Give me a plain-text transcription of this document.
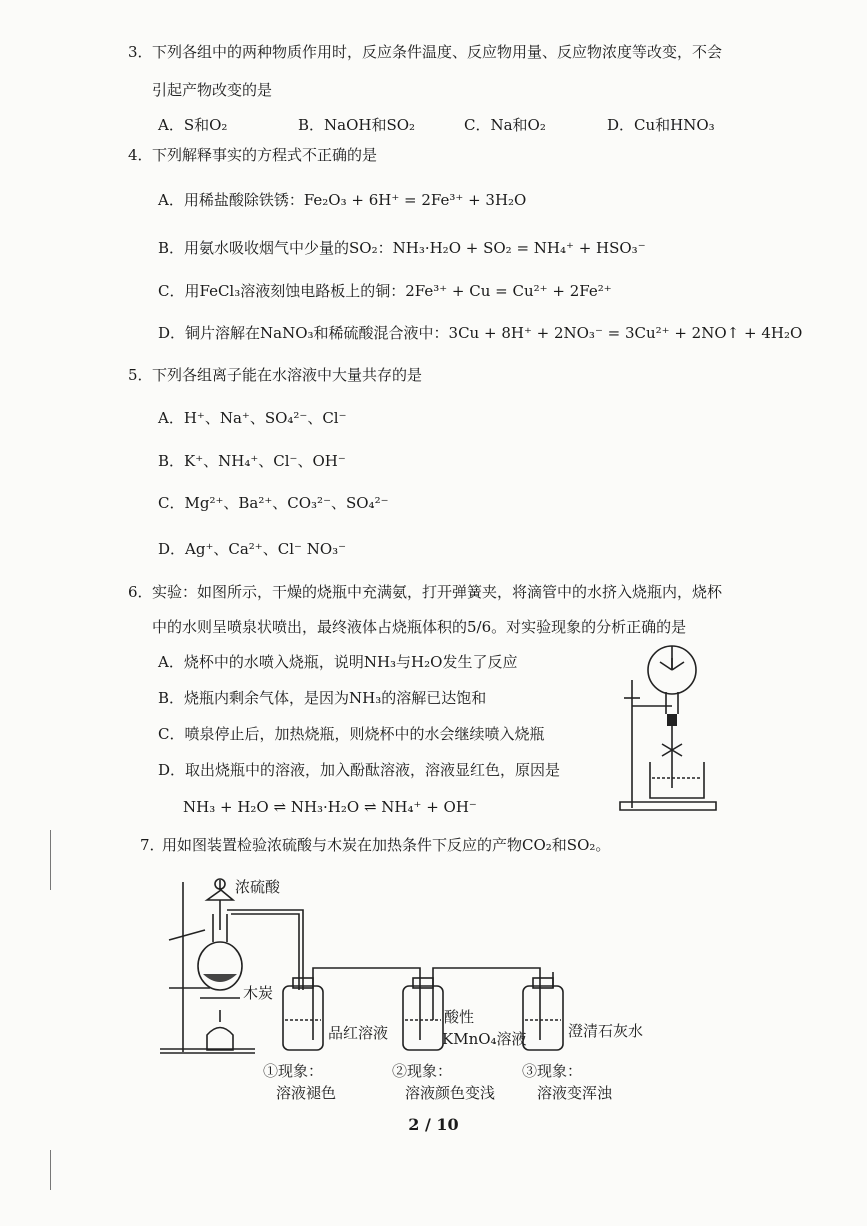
3． 下列各组中的两种物质作用时，反应条件温度、反应物用量、反应物浓度等改变，不会
引起产物改变的是
A．S和O₂	B．NaOH和SO₂	C．Na和O₂	D．Cu和HNO₃
4． 下列解释事实的方程式不正确的是
A．用稀盐酸除铁锈：Fe₂O₃ + 6H⁺ = 2Fe³⁺ + 3H₂O
B．用氨水吸收烟气中少量的SO₂：NH₃·H₂O + SO₂ = NH₄⁺ + HSO₃⁻
C．用FeCl₃溶液刻蚀电路板上的铜：2Fe³⁺ + Cu = Cu²⁺ + 2Fe²⁺
D．铜片溶解在NaNO₃和稀硫酸混合液中：3Cu + 8H⁺ + 2NO₃⁻ = 3Cu²⁺ + 2NO↑ + 4H₂O
5． 下列各组离子能在水溶液中大量共存的是
A．H⁺、Na⁺、SO₄²⁻、Cl⁻
B．K⁺、NH₄⁺、Cl⁻、OH⁻
C．Mg²⁺、Ba²⁺、CO₃²⁻、SO₄²⁻
D．Ag⁺、Ca²⁺、Cl⁻ NO₃⁻
6． 实验：如图所示，干燥的烧瓶中充满氨，打开弹簧夹，将滴管中的水挤入烧瓶内，烧杯
中的水则呈喷泉状喷出，最终液体占烧瓶体积的5/6。对实验现象的分析正确的是
A．烧杯中的水喷入烧瓶，说明NH₃与H₂O发生了反应
B．烧瓶内剩余气体，是因为NH₃的溶解已达饱和
C．喷泉停止后，加热烧瓶，则烧杯中的水会继续喷入烧瓶
D．取出烧瓶中的溶液，加入酚酞溶液，溶液显红色，原因是
NH₃ + H₂O ⇌ NH₃·H₂O ⇌ NH₄⁺ + OH⁻
7．
用如图装置检验浓硫酸与木炭在加热条件下反应的产物CO₂和SO₂。
浓硫酸
木炭
品红溶液
酸性
KMnO₄溶液	澄清石灰水
①现象：
溶液褪色
②现象：
溶液颜色变浅
③现象：
溶液变浑浊
2 / 10
